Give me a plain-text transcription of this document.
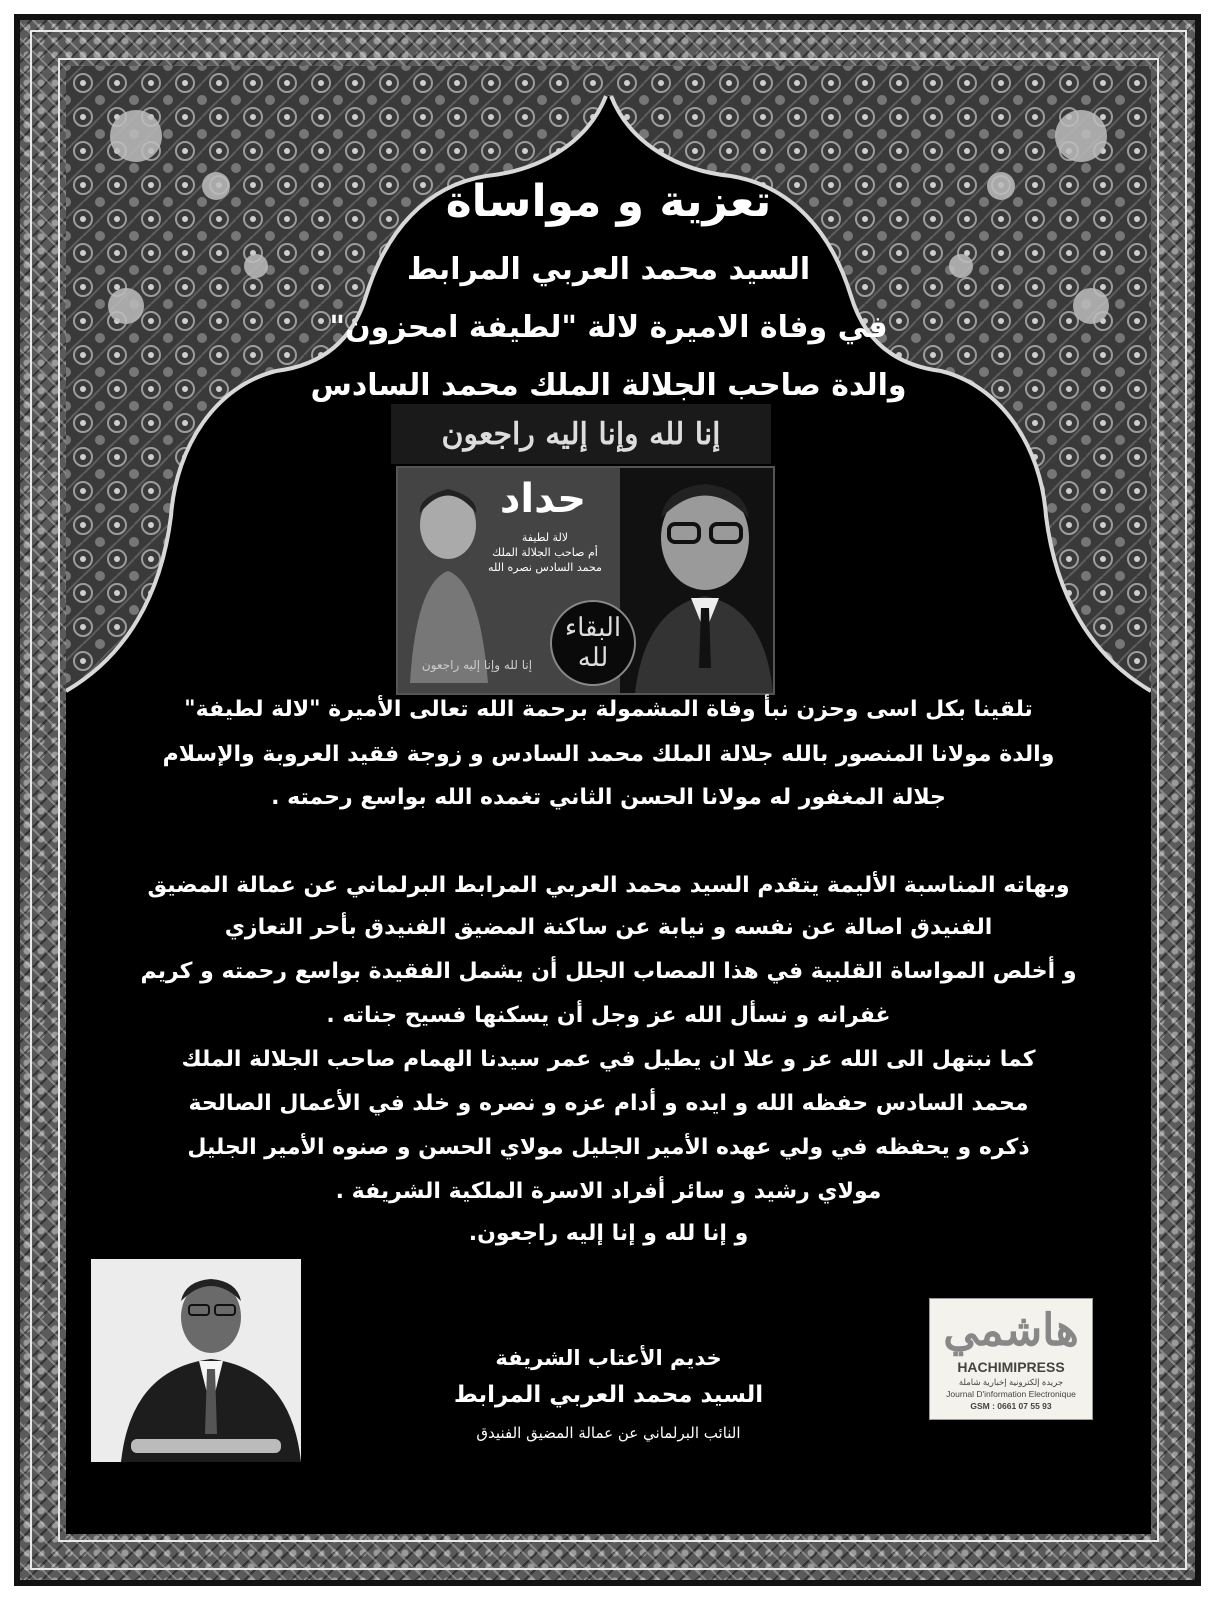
تعزية و مواساة
السيد محمد العربي المرابط
في وفاة الاميرة لالة "لطيفة امحزون"
والدة صاحب الجلالة الملك محمد السادس
إنا لله وإنا إليه راجعون
حداد
لالة لطيفة
أم صاحب الجلالة الملك
محمد السادس نصره الله
إنا لله وإنا إليه راجعون
البقاء لله
تلقينا بكل اسى وحزن نبأ وفاة المشمولة برحمة الله تعالى الأميرة "لالة لطيفة"
والدة مولانا المنصور بالله جلالة الملك محمد السادس و زوجة فقيد العروبة والإسلام
جلالة المغفور له مولانا الحسن الثاني تغمده الله بواسع رحمته .
وبهاته المناسبة الأليمة يتقدم السيد محمد العربي المرابط البرلماني عن عمالة المضيق
الفنيدق اصالة عن نفسه و نيابة عن ساكنة المضيق الفنيدق بأحر التعازي
و أخلص المواساة القلبية في هذا المصاب الجلل أن يشمل الفقيدة بواسع رحمته و كريم
غفرانه و نسأل الله عز وجل أن يسكنها فسيح جناته .
كما نبتهل الى الله عز و علا ان يطيل في عمر سيدنا الهمام صاحب الجلالة الملك
محمد السادس حفظه الله و ايده و أدام عزه و نصره و خلد في الأعمال الصالحة
ذكره و يحفظه في ولي عهده الأمير الجليل مولاي الحسن و صنوه الأمير الجليل
مولاي رشيد و سائر أفراد الاسرة الملكية الشريفة .
و إنا لله و إنا إليه راجعون.
خديم الأعتاب الشريفة
السيد محمد العربي المرابط
النائب البرلماني عن عمالة المضيق الفنيدق
هاشمي
HACHIMIPRESS
جريدة إلكترونية إخبارية شاملة
Journal D'information Electronique
GSM : 0661 07 55 93
